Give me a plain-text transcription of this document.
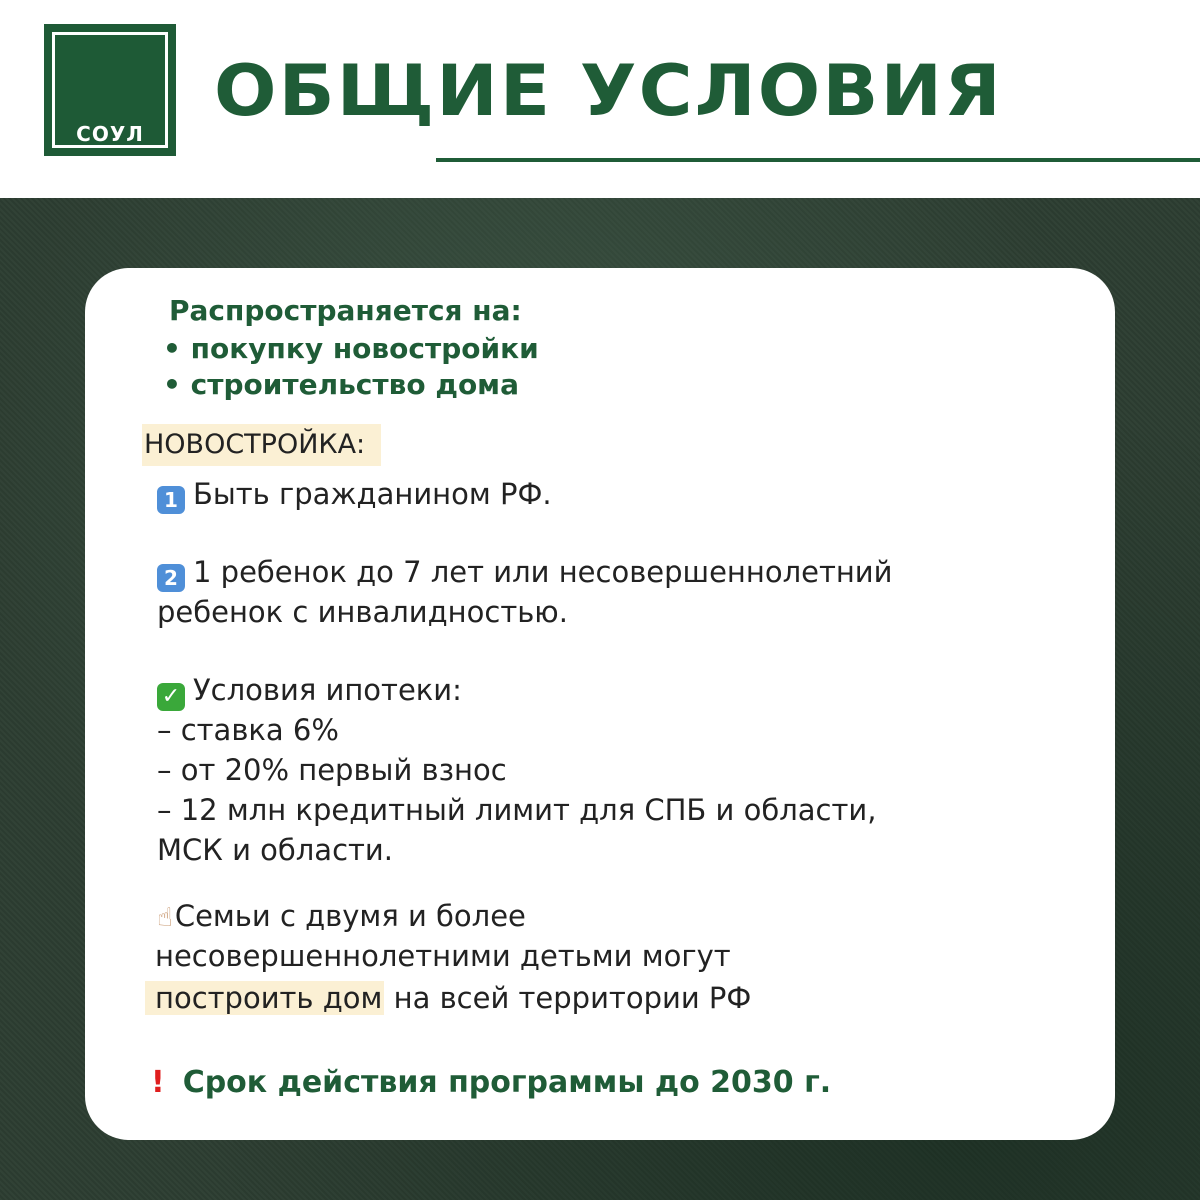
СОУЛ
ОБЩИЕ УСЛОВИЯ
Распространяется на:
• покупку новостройки
• строительство дома
НОВОСТРОЙКА:
1 Быть гражданином РФ.
2 1 ребенок до 7 лет или несовершеннолетний
ребенок с инвалидностью.
✓ Условия ипотеки:
– ставка 6%
– от 20% первый взнос
– 12 млн кредитный лимит для СПБ и области,
МСК и области.
☝Семьи с двумя и более
несовершеннолетними детьми могут
построить дом на всей территории РФ
! Срок действия программы до 2030 г.
